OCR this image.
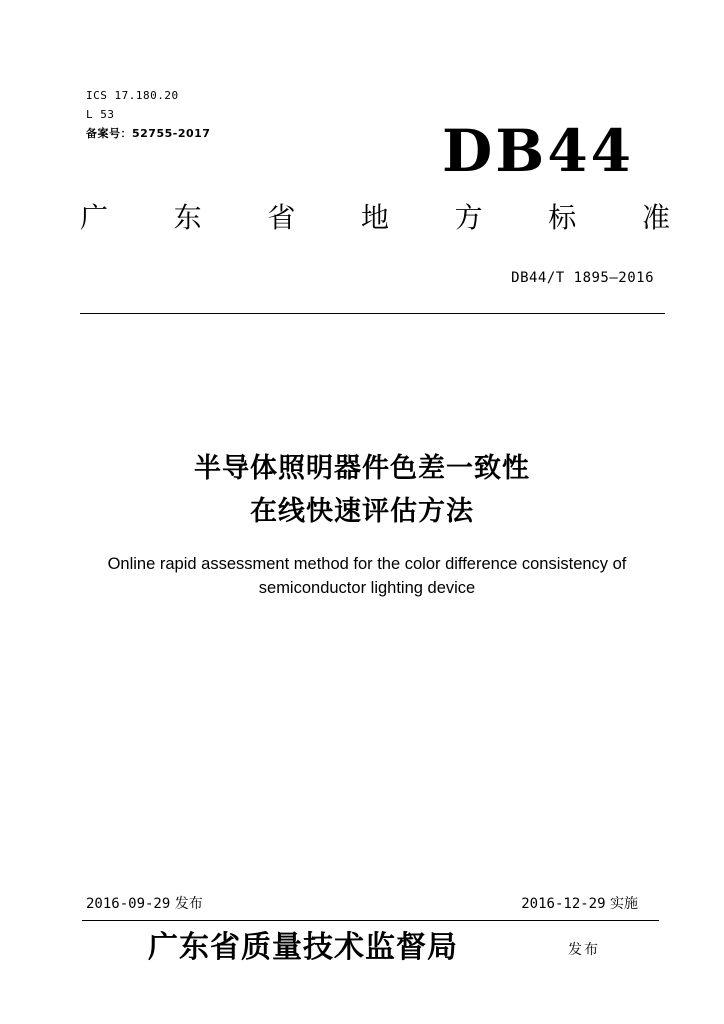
ICS 17.180.20
L 53
备案号：52755-2017	DB44
广 东 省 地 方 标 准
DB44/T 1895—2016
半导体照明器件色差一致性
在线快速评估方法
Online rapid assessment method for the color difference consistency of
semiconductor lighting device
2016-09-29 发布	2016-12-29 实施
广东省质量技术监督局	发布
